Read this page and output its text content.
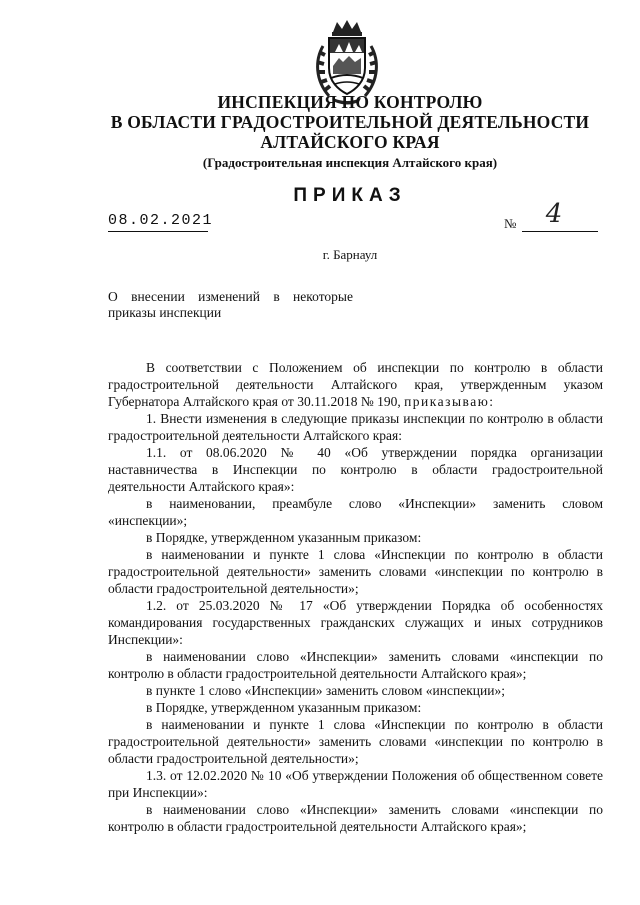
ИНСПЕКЦИЯ ПО КОНТРОЛЮ
В ОБЛАСТИ ГРАДОСТРОИТЕЛЬНОЙ ДЕЯТЕЛЬНОСТИ
АЛТАЙСКОГО КРАЯ
(Градостроительная инспекция Алтайского края)
ПРИКАЗ
08.02.2021	№	4
г. Барнаул
О внесении изменений в некоторые
приказы инспекции

В соответствии с Положением об инспекции по контролю в области градостроительной деятельности Алтайского края, утвержденным указом Губернатора Алтайского края от 30.11.2018 № 190, приказываю:

1. Внести изменения в следующие приказы инспекции по контролю в области градостроительной деятельности Алтайского края:

1.1. от 08.06.2020 № 40 «Об утверждении порядка организации наставничества в Инспекции по контролю в области градостроительной деятельности Алтайского края»:

в наименовании, преамбуле слово «Инспекции» заменить словом «инспекции»;

в Порядке, утвержденном указанным приказом:

в наименовании и пункте 1 слова «Инспекции по контролю в области градостроительной деятельности» заменить словами «инспекции по контролю в области градостроительной деятельности»;

1.2. от 25.03.2020 № 17 «Об утверждении Порядка об особенностях командирования государственных гражданских служащих и иных сотрудников Инспекции»:

в наименовании слово «Инспекции» заменить словами «инспекции по контролю в области градостроительной деятельности Алтайского края»;

в пункте 1 слово «Инспекции» заменить словом «инспекции»;

в Порядке, утвержденном указанным приказом:

в наименовании и пункте 1 слова «Инспекции по контролю в области градостроительной деятельности» заменить словами «инспекции по контролю в области градостроительной деятельности»;

1.3. от 12.02.2020 № 10 «Об утверждении Положения об общественном совете при Инспекции»:

в наименовании слово «Инспекции» заменить словами «инспекции по контролю в области градостроительной деятельности Алтайского края»;
